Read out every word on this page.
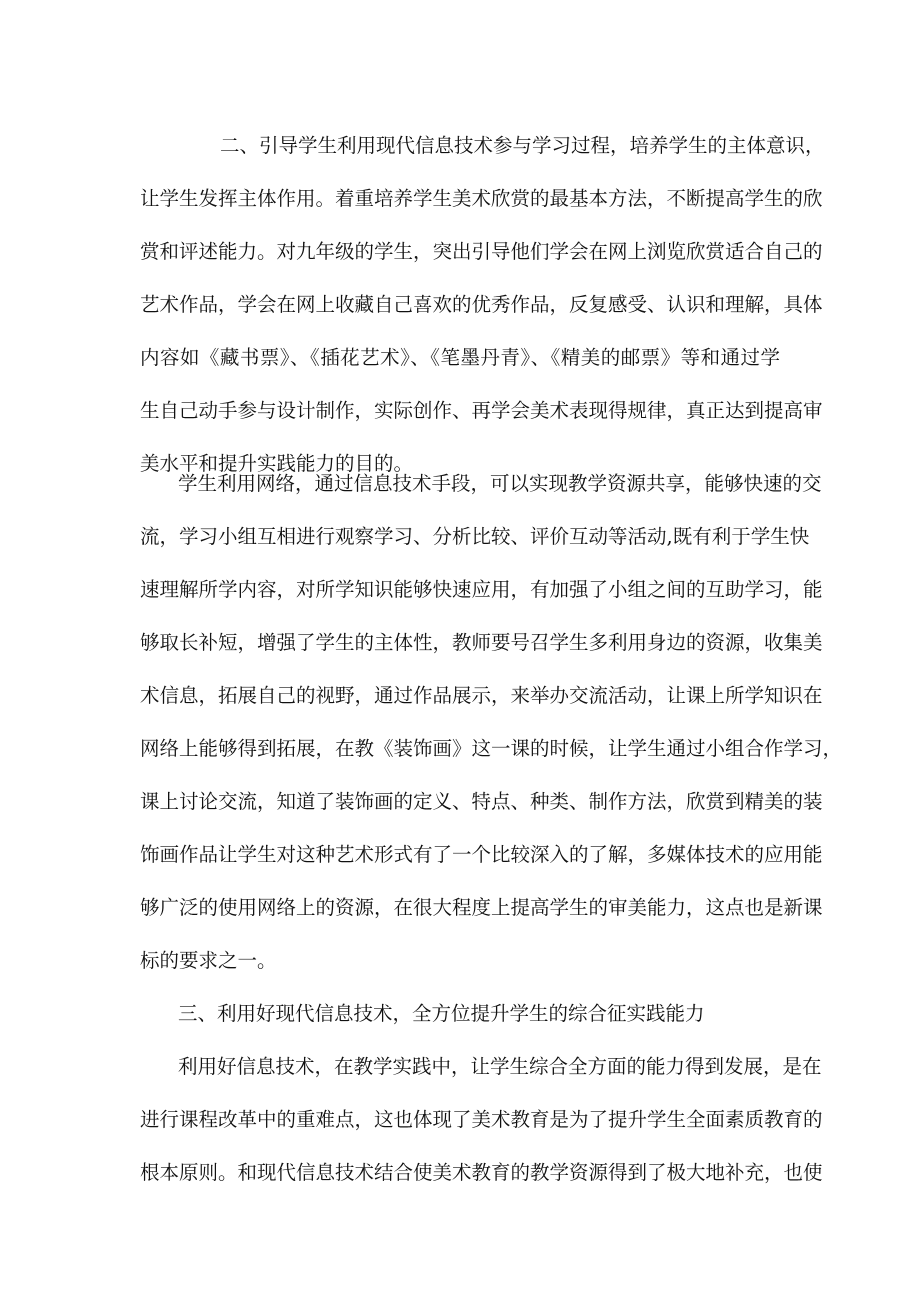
二、引导学生利用现代信息技术参与学习过程，培养学生的主体意识，
让学生发挥主体作用。着重培养学生美术欣赏的最基本方法，不断提高学生的欣
赏和评述能力。对九年级的学生，突出引导他们学会在网上浏览欣赏适合自己的
艺术作品，学会在网上收藏自己喜欢的优秀作品，反复感受、认识和理解，具体
内容如《藏书票》、《插花艺术》、《笔墨丹青》、《精美的邮票》等和通过学
生自己动手参与设计制作，实际创作、再学会美术表现得规律，真正达到提高审
美水平和提升实践能力的目的。
学生利用网络，通过信息技术手段，可以实现教学资源共享，能够快速的交
流，学习小组互相进行观察学习、分析比较、评价互动等活动,既有利于学生快
速理解所学内容，对所学知识能够快速应用，有加强了小组之间的互助学习，能
够取长补短，增强了学生的主体性，教师要号召学生多利用身边的资源，收集美
术信息，拓展自己的视野，通过作品展示，来举办交流活动，让课上所学知识在
网络上能够得到拓展，在教《装饰画》这一课的时候，让学生通过小组合作学习，
课上讨论交流，知道了装饰画的定义、特点、种类、制作方法，欣赏到精美的装
饰画作品让学生对这种艺术形式有了一个比较深入的了解，多媒体技术的应用能
够广泛的使用网络上的资源，在很大程度上提高学生的审美能力，这点也是新课
标的要求之一。
三、利用好现代信息技术，全方位提升学生的综合征实践能力
利用好信息技术，在教学实践中，让学生综合全方面的能力得到发展，是在
进行课程改革中的重难点，这也体现了美术教育是为了提升学生全面素质教育的
根本原则。和现代信息技术结合使美术教育的教学资源得到了极大地补充，也使
